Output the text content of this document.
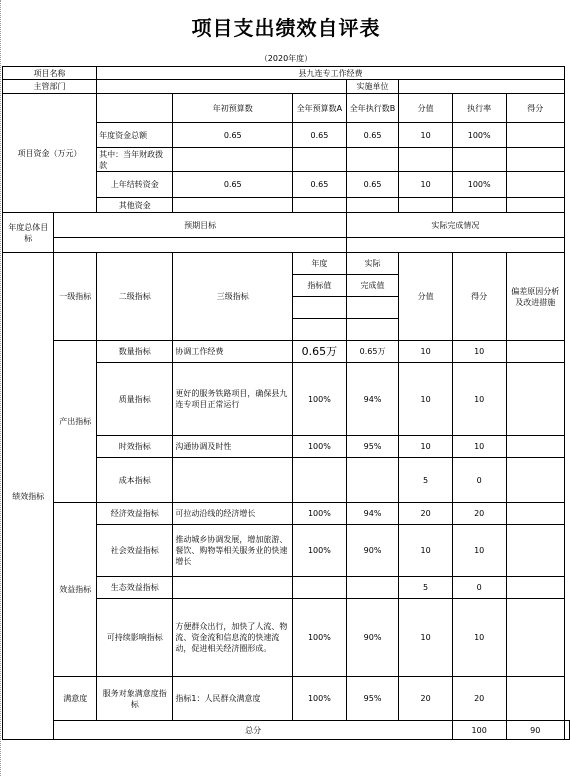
项目支出绩效自评表
（2020年度）
项目名称		县九连专工作经费							
主管部门					实施单位				
项目资金（万元）			年初预算数	全年预算数A	全年执行数B	分值	执行率	得分	
		年度资金总额	0.65	0.65	0.65	10	100%		
		其中：当年财政拨款							
		上年结转资金	0.65	0.65	0.65	10	100%		
		其他资金							
年度总体目标	预期目标				实际完成情况				

绩效指标	一级指标	二级指标	三级指标	年度	实际	分值	得分	偏差原因分析及改进措施	
				指标值	完成值				

	产出指标	数量指标	协调工作经费	0.65万	0.65万	10	10		
		质量指标	更好的服务铁路项目，确保县九连专项目正常运行	100%	94%	10	10		
		时效指标	沟通协调及时性	100%	95%	10	10		
		成本指标				5	0		
	效益指标	经济效益指标	可拉动沿线的经济增长	100%	94%	20	20		
		社会效益指标	推动城乡协调发展，增加旅游、餐饮、购物等相关服务业的快速增长	100%	90%	10	10		
		生态效益指标				5	0		
		可持续影响指标	方便群众出行，加快了人流、物流、资金流和信息流的快速流动，促进相关经济圈形成。	100%	90%	10	10		
	满意度	服务对象满意度指标	指标1：人民群众满意度	100%	95%	20	20		
	总分						100	90	
